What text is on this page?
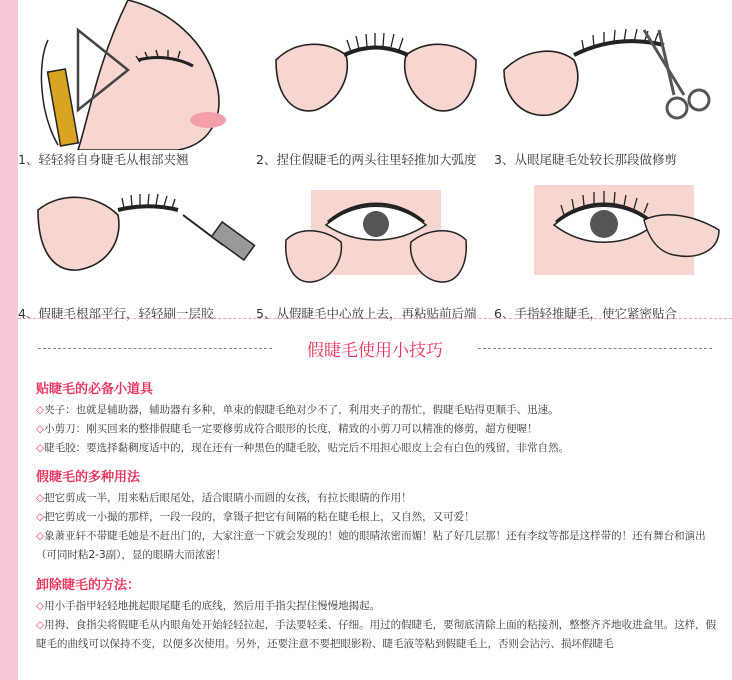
1、轻轻将自身睫毛从根部夹翘	2、捏住假睫毛的两头往里轻推加大弧度	3、从眼尾睫毛处较长那段做修剪
4、假睫毛根部平行，轻轻刷一层胶	5、从假睫毛中心放上去，再粘贴前后端	6、手指轻推睫毛，使它紧密贴合
假睫毛使用小技巧
贴睫毛的必备小道具
◇夹子：也就是辅助器，辅助器有多种，单束的假睫毛绝对少不了，利用夹子的帮忙，假睫毛贴得更顺手、迅速。
◇小剪刀：刚买回来的整排假睫毛一定要修剪成符合眼形的长度，精致的小剪刀可以精准的修剪，超方便喔！
◇睫毛胶：要选择黏稠度适中的，现在还有一种黑色的睫毛胶，贴完后不用担心眼皮上会有白色的残留，非常自然。
假睫毛的多种用法
◇把它剪成一半，用来粘后眼尾处，适合眼睛小而圆的女孩，有拉长眼睛的作用！
◇把它剪成一小撮的那样，一段一段的，拿镊子把它有间隔的粘在睫毛根上，又自然，又可爱！
◇象萧亚轩不带睫毛她是不赶出门的，大家注意一下就会发现的！她的眼睛浓密而媚！粘了好几层那！还有李纹等都是这样带的！还有舞台和演出（可同时粘2-3副），显的眼睛大而浓密！
卸除睫毛的方法：
◇用小手指甲轻轻地挑起眼尾睫毛的底线，然后用手指尖捏住慢慢地揭起。
◇用拇、食指尖将假睫毛从内眼角处开始轻轻拉起，手法要轻柔、仔细。用过的假睫毛，要彻底清除上面的粘接剂，整整齐齐地收进盒里。这样，假睫毛的曲线可以保持不变，以便多次使用。另外，还要注意不要把眼影粉、睫毛液等粘到假睫毛上，否则会沾污、损坏假睫毛
